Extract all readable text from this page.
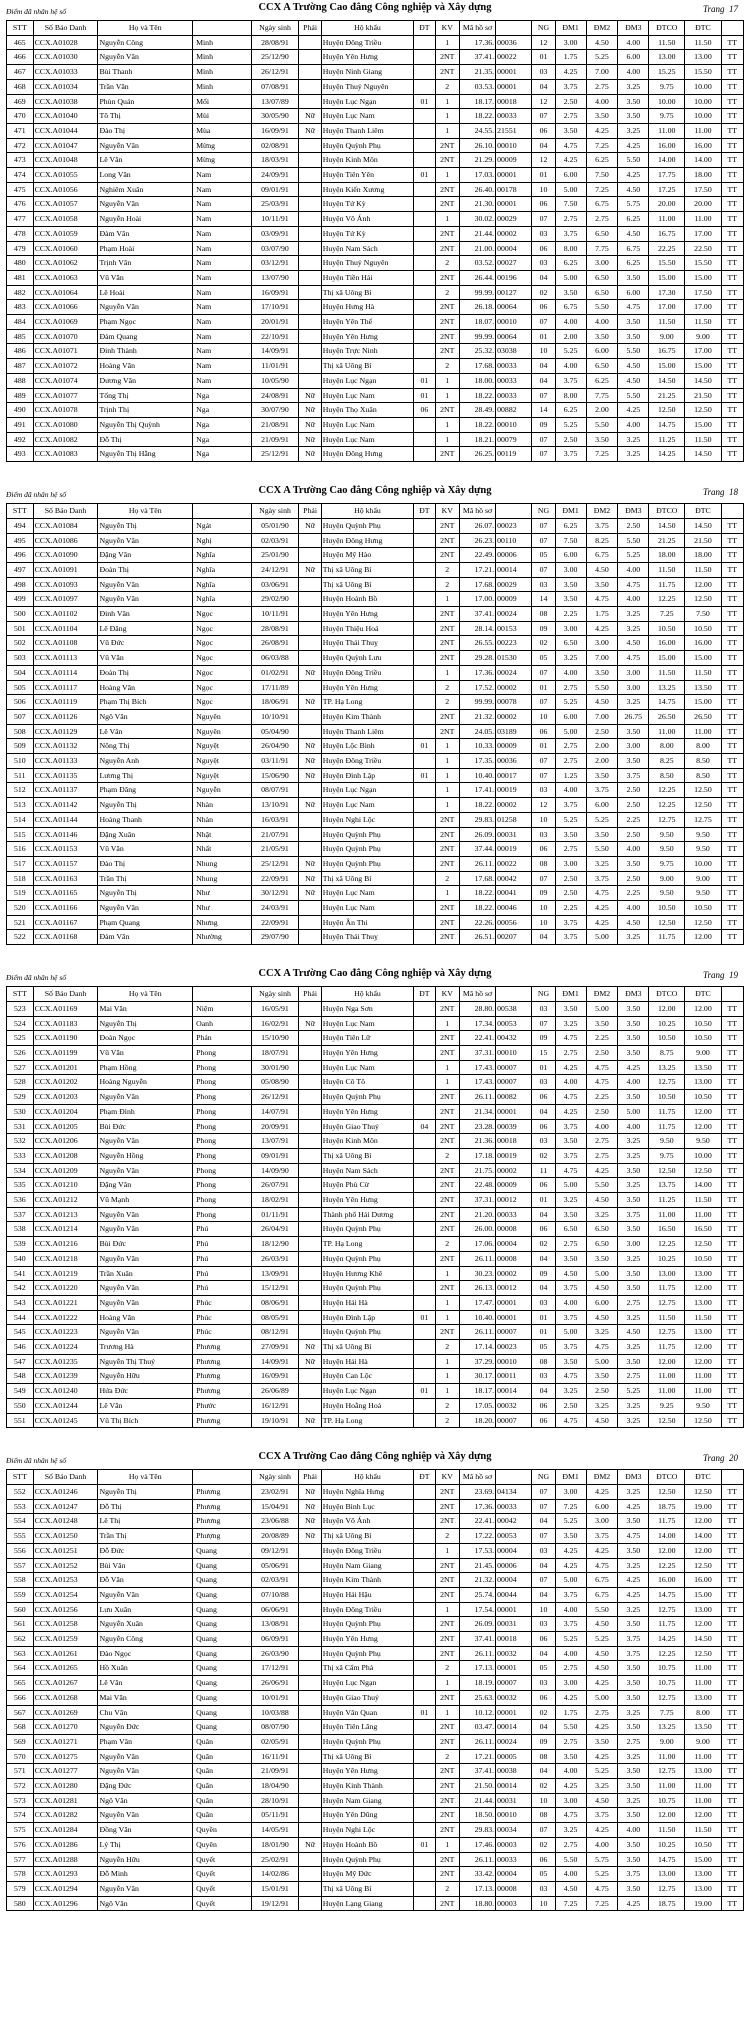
Điểm đã nhân hệ số	CCX A Trường Cao đẳng Công nghiệp và Xây dựng	Trang 17
STT	Số Báo Danh	Họ và Tên		Ngày sinh	Phái	Hộ khẩu	ĐT	KV	Mã hồ sơ		NG	ĐM1	ĐM2	ĐM3	ĐTCO	ĐTC	
465	CCX.A01028	Nguyễn Công	Minh	28/08/91		Huyện Đông Triều		1	17.36.	00036	12	3.00	4.50	4.00	11.50	11.50	TT
466	CCX.A01030	Nguyễn Văn	Minh	25/12/90		Huyện Yên Hưng		2NT	37.41.	00022	01	1.75	5.25	6.00	13.00	13.00	TT
467	CCX.A01033	Bùi Thanh	Minh	26/12/91		Huyện Ninh Giang		2NT	21.35.	00001	03	4.25	7.00	4.00	15.25	15.50	TT
468	CCX.A01034	Trần Văn	Minh	07/08/91		Huyện Thuỷ Nguyên		2	03.53.	00001	04	3.75	2.75	3.25	9.75	10.00	TT
469	CCX.A01038	Phùn Quán	Mối	13/07/89		Huyện Lục Ngạn	01	1	18.17.	00018	12	2.50	4.00	3.50	10.00	10.00	TT
470	CCX.A01040	Tô Thị	Mùi	30/05/90	Nữ	Huyện Lục Nam		1	18.22.	00033	07	2.75	3.50	3.50	9.75	10.00	TT
471	CCX.A01044	Đào Thị	Mùa	16/09/91	Nữ	Huyện Thanh Liêm		1	24.55.	21551	06	3.50	4.25	3.25	11.00	11.00	TT
472	CCX.A01047	Nguyễn Văn	Mừng	02/08/91		Huyện Quỳnh Phụ		2NT	26.10.	00010	04	4.75	7.25	4.25	16.00	16.00	TT
473	CCX.A01048	Lê Văn	Mừng	18/03/91		Huyện Kinh Môn		2NT	21.29.	00009	12	4.25	6.25	5.50	14.00	14.00	TT
474	CCX.A01055	Long Văn	Nam	24/09/91		Huyện Tiên Yên	01	1	17.03.	00001	01	6.00	7.50	4.25	17.75	18.00	TT
475	CCX.A01056	Nghiêm Xuân	Nam	09/01/91		Huyện Kiến Xương		2NT	26.40.	00178	10	5.00	7.25	4.50	17.25	17.50	TT
476	CCX.A01057	Nguyễn Văn	Nam	25/03/91		Huyện Tứ Kỳ		2NT	21.30.	00001	06	7.50	6.75	5.75	20.00	20.00	TT
477	CCX.A01058	Nguyễn Hoài	Nam	10/11/91		Huyện Võ Ánh		1	30.02.	00029	07	2.75	2.75	6.25	11.00	11.00	TT
478	CCX.A01059	Đàm Văn	Nam	03/09/91		Huyện Tứ Kỳ		2NT	21.44.	00002	03	3.75	6.50	4.50	16.75	17.00	TT
479	CCX.A01060	Phạm Hoài	Nam	03/07/90		Huyện Nam Sách		2NT	21.00.	00004	06	8.00	7.75	6.75	22.25	22.50	TT
480	CCX.A01062	Trịnh Văn	Nam	03/12/91		Huyện Thuỷ Nguyên		2	03.52.	00027	03	6.25	3.00	6.25	15.50	15.50	TT
481	CCX.A01063	Vũ Văn	Nam	13/07/90		Huyện Tiền Hải		2NT	26.44.	00196	04	5.00	6.50	3.50	15.00	15.00	TT
482	CCX.A01064	Lê Hoài	Nam	16/09/91		Thị xã Uông Bí		2	99.99.	00127	02	3.50	6.50	6.00	17.30	17.50	TT
483	CCX.A01066	Nguyễn Văn	Nam	17/10/91		Huyện Hưng Hà		2NT	26.18.	00064	06	6.75	5.50	4.75	17.00	17.00	TT
484	CCX.A01069	Phạm Ngọc	Nam	20/01/91		Huyện Yên Thế		2NT	18.07.	00010	07	4.00	4.00	3.50	11.50	11.50	TT
485	CCX.A01070	Đàm Quang	Nam	22/10/91		Huyện Yên Hưng		2NT	99.99.	00064	01	2.00	3.50	3.50	9.00	9.00	TT
486	CCX.A01071	Đinh Thành	Nam	14/09/91		Huyện Trực Ninh		2NT	25.32.	03038	10	5.25	6.00	5.50	16.75	17.00	TT
487	CCX.A01072	Hoàng Văn	Nam	11/01/91		Thị xã Uông Bí		2	17.68.	00033	04	4.00	6.50	4.50	15.00	15.00	TT
488	CCX.A01074	Dương Văn	Nam	10/05/90		Huyện Lục Ngạn	01	1	18.00.	00033	04	3.75	6.25	4.50	14.50	14.50	TT
489	CCX.A01077	Tống Thị	Nga	24/08/91	Nữ	Huyện Lục Nam	01	1	18.22.	00033	07	8.00	7.75	5.50	21.25	21.50	TT
490	CCX.A01078	Trịnh Thị	Nga	30/07/90	Nữ	Huyện Thọ Xuân	06	2NT	28.49.	00882	14	6.25	2.00	4.25	12.50	12.50	TT
491	CCX.A01080	Nguyễn Thị Quỳnh	Nga	21/08/91	Nữ	Huyện Lục Nam		1	18.22.	00010	09	5.25	5.50	4.00	14.75	15.00	TT
492	CCX.A01082	Đỗ Thị	Nga	21/09/91	Nữ	Huyện Lục Nam		1	18.21.	00079	07	2.50	3.50	3.25	11.25	11.50	TT
493	CCX.A01083	Nguyễn Thị Hằng	Nga	25/12/91	Nữ	Huyện Đông Hưng		2NT	26.25.	00119	07	3.75	7.25	3.25	14.25	14.50	TT
Điểm đã nhân hệ số	CCX A Trường Cao đẳng Công nghiệp và Xây dựng	Trang 18
STT	Số Báo Danh	Họ và Tên		Ngày sinh	Phái	Hộ khẩu	ĐT	KV	Mã hồ sơ		NG	ĐM1	ĐM2	ĐM3	ĐTCO	ĐTC	
494	CCX.A01084	Nguyễn Thị	Ngát	05/01/90	Nữ	Huyện Quỳnh Phụ		2NT	26.07.	00023	07	6.25	3.75	2.50	14.50	14.50	TT
495	CCX.A01086	Nguyễn Văn	Nghị	02/03/91		Huyện Đông Hưng		2NT	26.23.	00110	07	7.50	8.25	5.50	21.25	21.50	TT
496	CCX.A01090	Đặng Văn	Nghĩa	25/01/90		Huyện Mỹ Hào		2NT	22.49.	00006	05	6.00	6.75	5.25	18.00	18.00	TT
497	CCX.A01091	Đoàn Thị	Nghĩa	24/12/91	Nữ	Thị xã Uông Bí		2	17.21.	00014	07	3.00	4.50	4.00	11.50	11.50	TT
498	CCX.A01093	Nguyễn Văn	Nghĩa	03/06/91		Thị xã Uông Bí		2	17.68.	00029	03	3.50	3.50	4.75	11.75	12.00	TT
499	CCX.A01097	Nguyễn Văn	Nghĩa	29/02/90		Huyện Hoành Bồ		1	17.00.	00009	14	3.50	4.75	4.00	12.25	12.50	TT
500	CCX.A01102	Đinh Văn	Ngọc	10/11/91		Huyện Yên Hưng		2NT	37.41.	00024	08	2.25	1.75	3.25	7.25	7.50	TT
501	CCX.A01104	Lê Đăng	Ngọc	28/08/91		Huyện Thiệu Hoá		2NT	28.14.	00153	09	3.00	4.25	3.25	10.50	10.50	TT
502	CCX.A01108	Vũ Đức	Ngọc	26/08/91		Huyện Thái Thuỵ		2NT	26.55.	00223	02	6.50	3.00	4.50	16.00	16.00	TT
503	CCX.A01113	Vũ Văn	Ngọc	06/03/88		Huyện Quỳnh Lưu		2NT	29.28.	01530	05	3.25	7.00	4.75	15.00	15.00	TT
504	CCX.A01114	Đoàn Thị	Ngọc	01/02/91	Nữ	Huyện Đông Triều		1	17.36.	00024	07	4.00	3.50	3.00	11.50	11.50	TT
505	CCX.A01117	Hoàng Văn	Ngọc	17/11/89		Huyện Yên Hưng		2	17.52.	00002	01	2.75	5.50	3.00	13.25	13.50	TT
506	CCX.A01119	Phạm Thị Bích	Ngọc	18/06/91	Nữ	TP. Hạ Long		2	99.99.	00078	07	5.25	4.50	3.25	14.75	15.00	TT
507	CCX.A01126	Ngô Văn	Nguyên	10/10/91		Huyện Kim Thành		2NT	21.32.	00002	10	6.00	7.00	26.75	26.50	26.50	TT
508	CCX.A01129	Lê Văn	Nguyên	05/04/90		Huyện Thanh Liêm		2NT	24.05.	03189	06	5.00	2.50	3.50	11.00	11.00	TT
509	CCX.A01132	Nông Thị	Nguyệt	26/04/90	Nữ	Huyện Lộc Bình	01	1	10.33.	00009	01	2.75	2.00	3.00	8.00	8.00	TT
510	CCX.A01133	Nguyễn Anh	Nguyệt	03/11/91	Nữ	Huyện Đông Triều		1	17.35.	00036	07	2.75	2.00	3.50	8.25	8.50	TT
511	CCX.A01135	Lương Thị	Nguyệt	15/06/90	Nữ	Huyện Đình Lập	01	1	10.40.	00017	07	1.25	3.50	3.75	8.50	8.50	TT
512	CCX.A01137	Phạm Đăng	Nguyễn	08/07/91		Huyện Lục Ngạn		1	17.41.	00019	03	4.00	3.75	2.50	12.25	12.50	TT
513	CCX.A01142	Nguyễn Thị	Nhàn	13/10/91	Nữ	Huyện Lục Nam		1	18.22.	00002	12	3.75	6.00	2.50	12.25	12.50	TT
514	CCX.A01144	Hoàng Thanh	Nhàn	16/03/91		Huyện Nghi Lộc		2NT	29.83.	01258	10	5.25	5.25	2.25	12.75	12.75	TT
515	CCX.A01146	Đặng Xuân	Nhật	21/07/91		Huyện Quỳnh Phụ		2NT	26.09.	00031	03	3.50	3.50	2.50	9.50	9.50	TT
516	CCX.A01153	Vũ Văn	Nhất	21/05/91		Huyện Quỳnh Phụ		2NT	37.44.	00019	06	2.75	5.50	4.00	9.50	9.50	TT
517	CCX.A01157	Đào Thị	Nhung	25/12/91	Nữ	Huyện Quỳnh Phụ		2NT	26.11.	00022	08	3.00	3.25	3.50	9.75	10.00	TT
518	CCX.A01163	Trần Thị	Nhung	22/09/91	Nữ	Thị xã Uông Bí		2	17.68.	00042	07	2.50	3.75	2.50	9.00	9.00	TT
519	CCX.A01165	Nguyễn Thị	Như	30/12/91	Nữ	Huyện Lục Nam		1	18.22.	00041	09	2.50	4.75	2.25	9.50	9.50	TT
520	CCX.A01166	Nguyễn Văn	Như	24/03/91		Huyện Lục Nam		2NT	18.22.	00046	10	2.25	4.25	4.00	10.50	10.50	TT
521	CCX.A01167	Phạm Quang	Nhưng	22/09/91		Huyện Ân Thi		2NT	22.26.	00056	10	3.75	4.25	4.50	12.50	12.50	TT
522	CCX.A01168	Đàm Văn	Nhường	29/07/90		Huyện Thái Thuỵ		2NT	26.51.	00207	04	3.75	5.00	3.25	11.75	12.00	TT
Điểm đã nhân hệ số	CCX A Trường Cao đẳng Công nghiệp và Xây dựng	Trang 19
STT	Số Báo Danh	Họ và Tên		Ngày sinh	Phái	Hộ khẩu	ĐT	KV	Mã hồ sơ		NG	ĐM1	ĐM2	ĐM3	ĐTCO	ĐTC	
523	CCX.A01169	Mai Văn	Niệm	16/05/91		Huyện Nga Sơn		2NT	28.80.	00538	03	3.50	5.00	3.50	12.00	12.00	TT
524	CCX.A01183	Nguyễn Thị	Oanh	16/02/91	Nữ	Huyện Lục Nam		1	17.34.	00053	07	3.25	3.50	3.50	10.25	10.50	TT
525	CCX.A01190	Đoàn Ngọc	Phán	15/10/90		Huyện Tiên Lữ		2NT	22.41.	00432	09	4.75	2.25	3.50	10.50	10.50	TT
526	CCX.A01199	Vũ Văn	Phong	18/07/91		Huyện Yên Hưng		2NT	37.31.	00010	15	2.75	2.50	3.50	8.75	9.00	TT
527	CCX.A01201	Phạm Hồng	Phong	30/01/90		Huyện Lục Nam		1	17.43.	00007	01	4.25	4.75	4.25	13.25	13.50	TT
528	CCX.A01202	Hoàng Nguyễn	Phong	05/08/90		Huyện Cô Tô		1	17.43.	00007	03	4.00	4.75	4.00	12.75	13.00	TT
529	CCX.A01203	Nguyễn Văn	Phong	26/12/91		Huyện Quỳnh Phụ		2NT	26.11.	00082	06	4.75	2.25	3.50	10.50	10.50	TT
530	CCX.A01204	Phạm Đình	Phong	14/07/91		Huyện Yên Hưng		2NT	21.34.	00001	04	4.25	2.50	5.00	11.75	12.00	TT
531	CCX.A01205	Bùi Đức	Phong	20/09/91		Huyện Giao Thuỷ	04	2NT	23.28.	00039	06	3.75	4.00	4.00	11.75	12.00	TT
532	CCX.A01206	Nguyễn Văn	Phong	13/07/91		Huyện Kinh Môn		2NT	21.36.	00018	03	3.50	2.75	3.25	9.50	9.50	TT
533	CCX.A01208	Nguyễn Hồng	Phong	09/01/91		Thị xã Uông Bí		2	17.18.	00019	02	3.75	2.75	3.25	9.75	10.00	TT
534	CCX.A01209	Nguyễn Văn	Phong	14/09/90		Huyện Nam Sách		2NT	21.75.	00002	11	4.75	4.25	3.50	12.50	12.50	TT
535	CCX.A01210	Đặng Văn	Phong	26/07/91		Huyện Phù Cừ		2NT	22.48.	00009	06	5.00	5.50	3.25	13.75	14.00	TT
536	CCX.A01212	Vũ Mạnh	Phong	18/02/91		Huyện Yên Hưng		2NT	37.31.	00012	01	3.25	4.50	3.50	11.25	11.50	TT
537	CCX.A01213	Nguyễn Văn	Phong	01/11/91		Thành phố Hải Dương		2NT	21.20.	00033	04	3.50	3.25	3.75	11.00	11.00	TT
538	CCX.A01214	Nguyễn Văn	Phú	26/04/91		Huyện Quỳnh Phụ		2NT	26.00.	00008	06	6.50	6.50	3.50	16.50	16.50	TT
539	CCX.A01216	Bùi Đức	Phú	18/12/90		TP. Hạ Long		2	17.06.	00004	02	2.75	6.50	3.00	12.25	12.50	TT
540	CCX.A01218	Nguyễn Văn	Phú	26/03/91		Huyện Quỳnh Phụ		2NT	26.11.	00008	04	3.50	3.50	3.25	10.25	10.50	TT
541	CCX.A01219	Trần Xuân	Phú	13/09/91		Huyện Hương Khê		1	30.23.	00002	09	4.50	5.00	3.50	13.00	13.00	TT
542	CCX.A01220	Nguyễn Văn	Phú	15/12/91		Huyện Quỳnh Phụ		2NT	26.13.	00012	04	3.75	4.50	3.50	11.75	12.00	TT
543	CCX.A01221	Nguyễn Văn	Phúc	08/06/91		Huyện Hải Hà		1	17.47.	00001	03	4.00	6.00	2.75	12.75	13.00	TT
544	CCX.A01222	Hoàng Văn	Phúc	08/05/91		Huyện Đình Lập	01	1	10.40.	00001	01	3.75	4.50	3.25	11.50	11.50	TT
545	CCX.A01223	Nguyễn Văn	Phúc	08/12/91		Huyện Quỳnh Phụ		2NT	26.11.	00007	01	5.00	3.25	4.50	12.75	13.00	TT
546	CCX.A01224	Trương Hà	Phương	27/09/91	Nữ	Thị xã Uông Bí		2	17.14.	00023	05	3.75	4.75	3.25	11.75	12.00	TT
547	CCX.A01235	Nguyễn Thị Thuý	Phương	14/09/91	Nữ	Huyện Hải Hà		1	37.29.	00010	08	3.50	5.00	3.50	12.00	12.00	TT
548	CCX.A01239	Nguyễn Hữu	Phương	16/09/91		Huyện Can Lộc		1	30.17.	00011	03	4.75	3.50	2.75	11.00	11.00	TT
549	CCX.A01240	Hứa Đức	Phương	26/06/89		Huyện Lục Ngạn	01	1	18.17.	00014	04	3.25	2.50	5.25	11.00	11.00	TT
550	CCX.A01244	Lê Văn	Phước	16/12/91		Huyện Hoằng Hoá		2	17.05.	00032	06	2.50	3.25	3.25	9.25	9.50	TT
551	CCX.A01245	Vũ Thị Bích	Phương	19/10/91	Nữ	TP. Hạ Long		2	18.20.	00007	06	4.75	4.50	3.25	12.50	12.50	TT
Điểm đã nhân hệ số	CCX A Trường Cao đẳng Công nghiệp và Xây dựng	Trang 20
STT	Số Báo Danh	Họ và Tên		Ngày sinh	Phái	Hộ khẩu	ĐT	KV	Mã hồ sơ		NG	ĐM1	ĐM2	ĐM3	ĐTCO	ĐTC	
552	CCX.A01246	Nguyễn Thị	Phương	23/02/91	Nữ	Huyện Nghĩa Hưng		2NT	23.69.	04134	07	3.00	4.25	3.25	12.50	12.50	TT
553	CCX.A01247	Đỗ Thị	Phương	15/04/91	Nữ	Huyện Bình Lục		2NT	17.36.	00033	07	7.25	6.00	4.25	18.75	19.00	TT
554	CCX.A01248	Lê Thị	Phương	23/06/88	Nữ	Huyện Võ Ánh		2NT	22.41.	00042	04	5.25	3.00	3.50	11.75	12.00	TT
555	CCX.A01250	Trần Thị	Phượng	20/08/89	Nữ	Thị xã Uông Bí		2	17.22.	00053	07	3.50	3.75	4.75	14.00	14.00	TT
556	CCX.A01251	Đỗ Đức	Quang	09/12/91		Huyện Đông Triều		1	17.53.	00004	03	4.25	4.25	3.50	12.00	12.00	TT
557	CCX.A01252	Bùi Văn	Quang	05/06/91		Huyện Nam Giang		2NT	21.45.	00006	04	4.25	4.75	3.25	12.25	12.50	TT
558	CCX.A01253	Đỗ Văn	Quang	02/03/91		Huyện Kim Thành		2NT	21.32.	00004	07	5.00	6.75	4.25	16.00	16.00	TT
559	CCX.A01254	Nguyễn Văn	Quang	07/10/88		Huyện Hải Hậu		2NT	25.74.	00044	04	3.75	6.75	4.25	14.75	15.00	TT
560	CCX.A01256	Lưu Xuân	Quang	06/06/91		Huyện Đông Triều		1	17.54.	00001	10	4.00	5.50	3.25	12.75	13.00	TT
561	CCX.A01258	Nguyễn Xuân	Quang	13/08/91		Huyện Quỳnh Phụ		2NT	26.09.	00031	03	3.75	4.50	3.50	11.75	12.00	TT
562	CCX.A01259	Nguyễn Công	Quang	06/09/91		Huyện Yên Hưng		2NT	37.41.	00018	06	5.25	5.25	3.75	14.25	14.50	TT
563	CCX.A01261	Đào Ngọc	Quang	26/03/90		Huyện Quỳnh Phụ		2NT	26.11.	00032	04	4.00	4.50	3.75	12.25	12.50	TT
564	CCX.A01265	Hồ Xuân	Quang	17/12/91		Thị xã Cẩm Phả		2	17.13.	00001	05	2.75	4.50	3.50	10.75	11.00	TT
565	CCX.A01267	Lê Văn	Quang	26/06/91		Huyện Lục Ngạn		1	18.19.	00007	03	3.00	4.25	3.50	10.75	11.00	TT
566	CCX.A01268	Mai Văn	Quang	10/01/91		Huyện Giao Thuỷ		2NT	25.63.	00032	06	4.25	5.00	3.50	12.75	13.00	TT
567	CCX.A01269	Chu Văn	Quang	10/03/88		Huyện Văn Quan	01	1	10.12.	00001	02	1.75	2.75	3.25	7.75	8.00	TT
568	CCX.A01270	Nguyễn Đức	Quang	08/07/90		Huyện Tiên Lãng		2NT	03.47.	00014	04	5.50	4.25	3.50	13.25	13.50	TT
569	CCX.A01271	Phạm Văn	Quân	02/05/91		Huyện Quỳnh Phụ		2NT	26.11.	00024	09	2.75	3.50	2.75	9.00	9.00	TT
570	CCX.A01275	Nguyễn Văn	Quân	16/11/91		Thị xã Uông Bí		2	17.21.	00005	08	3.50	4.25	3.25	11.00	11.00	TT
571	CCX.A01277	Nguyễn Văn	Quân	21/09/91		Huyện Yên Hưng		2NT	37.41.	00038	04	4.00	5.25	3.50	12.75	13.00	TT
572	CCX.A01280	Đặng Đức	Quân	18/04/90		Huyện Kinh Thành		2NT	21.50.	00014	02	4.25	3.25	3.50	11.00	11.00	TT
573	CCX.A01281	Ngô Văn	Quân	28/10/91		Huyện Nam Giang		2NT	21.44.	00031	10	3.00	4.50	3.25	10.75	11.00	TT
574	CCX.A01282	Nguyễn Văn	Quân	05/11/91		Huyện Yên Dũng		2NT	18.50.	00010	08	4.75	3.75	3.50	12.00	12.00	TT
575	CCX.A01284	Đồng Văn	Quyền	14/05/91		Huyện Nghi Lộc		2NT	29.83.	00034	07	3.25	4.25	4.00	11.50	11.50	TT
576	CCX.A01286	Lý Thị	Quyên	18/01/90	Nữ	Huyện Hoành Bồ	01	1	17.46.	00003	02	2.75	4.00	3.50	10.25	10.50	TT
577	CCX.A01288	Nguyễn Hữu	Quyết	25/02/91		Huyện Quỳnh Phụ		2NT	26.11.	00033	06	5.50	5.75	3.50	14.75	15.00	TT
578	CCX.A01293	Đỗ Minh	Quyết	14/02/86		Huyện Mỹ Đức		2NT	33.42.	00004	05	4.00	5.25	3.75	13.00	13.00	TT
579	CCX.A01294	Nguyễn Văn	Quyết	15/01/91		Thị xã Uông Bí		2	17.13.	00008	03	4.50	4.75	3.50	12.75	13.00	TT
580	CCX.A01296	Ngô Văn	Quyết	19/12/91		Huyện Lạng Giang		2NT	18.80.	00003	10	7.25	7.25	4.25	18.75	19.00	TT
